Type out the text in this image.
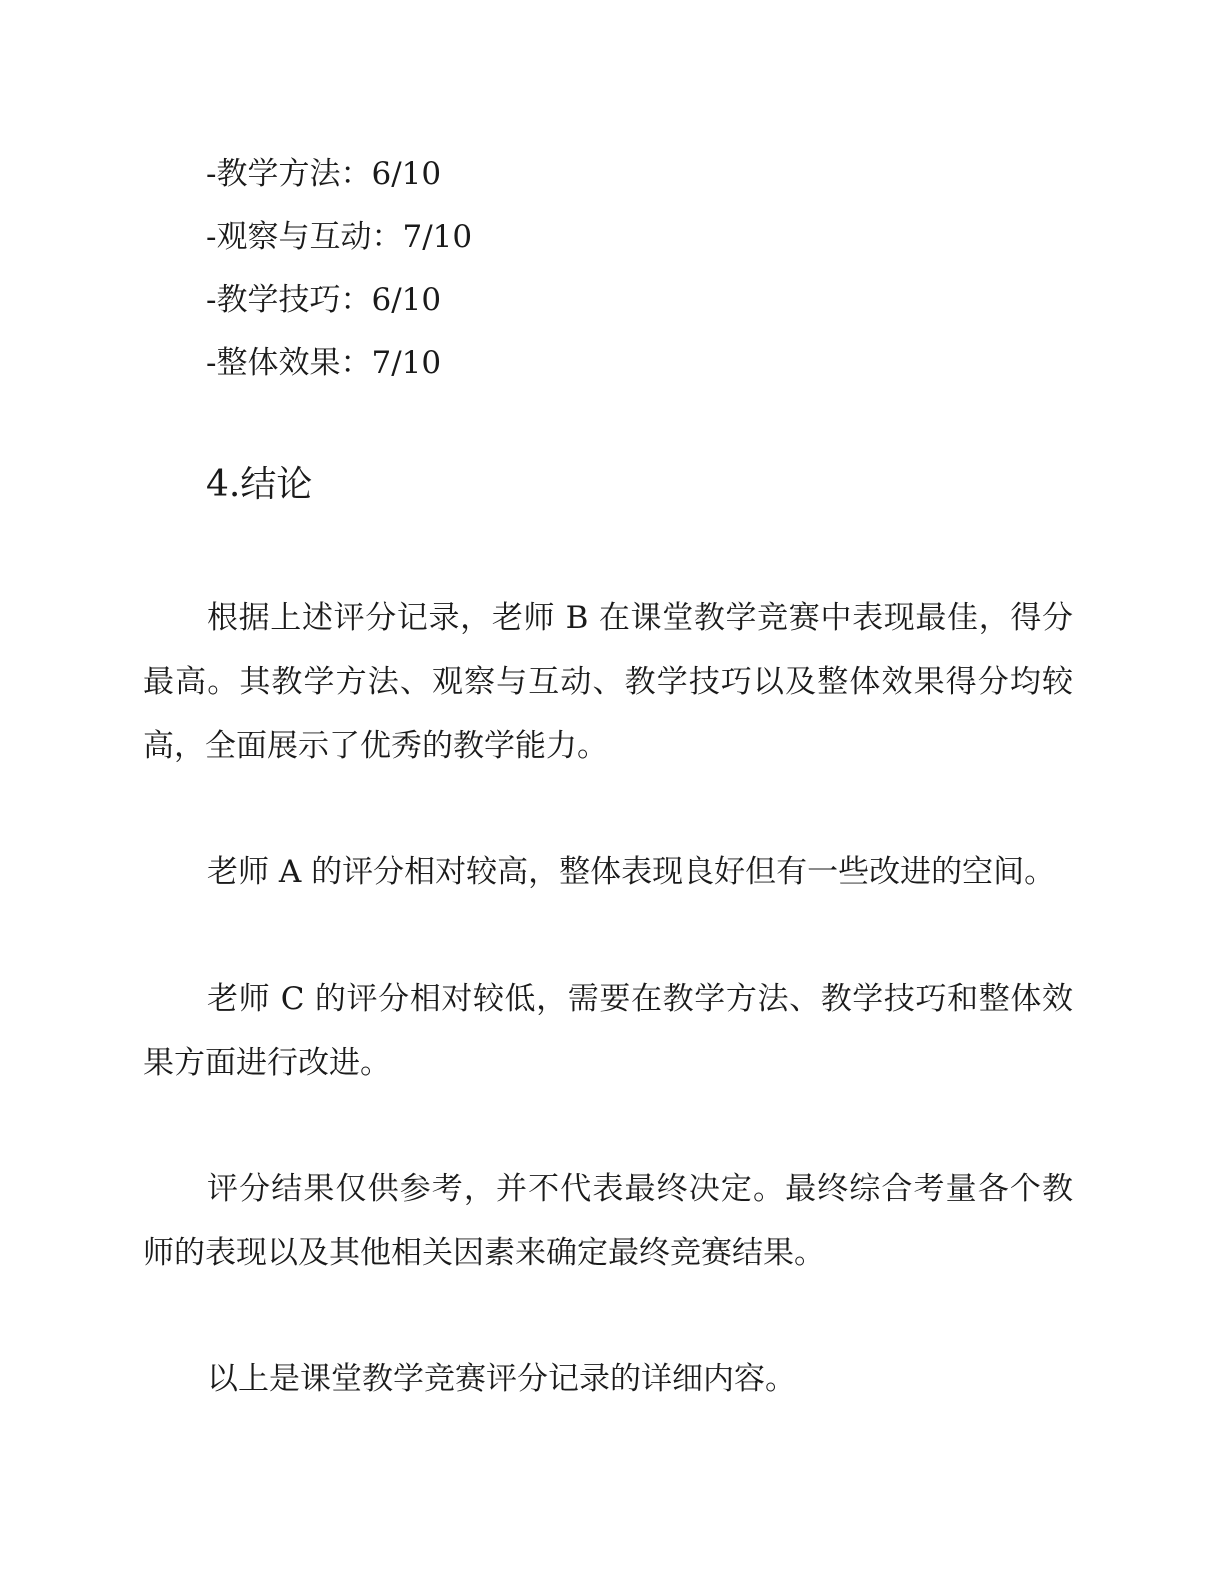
-教学方法：6/10
-观察与互动：7/10
-教学技巧：6/10
-整体效果：7/10
4.结论

根据上述评分记录，老师 B 在课堂教学竞赛中表现最佳，得分最高。其教学方法、观察与互动、教学技巧以及整体效果得分均较高，全面展示了优秀的教学能力。

老师 A 的评分相对较高，整体表现良好但有一些改进的空间。

老师 C 的评分相对较低，需要在教学方法、教学技巧和整体效果方面进行改进。

评分结果仅供参考，并不代表最终决定。最终综合考量各个教师的表现以及其他相关因素来确定最终竞赛结果。

以上是课堂教学竞赛评分记录的详细内容。
